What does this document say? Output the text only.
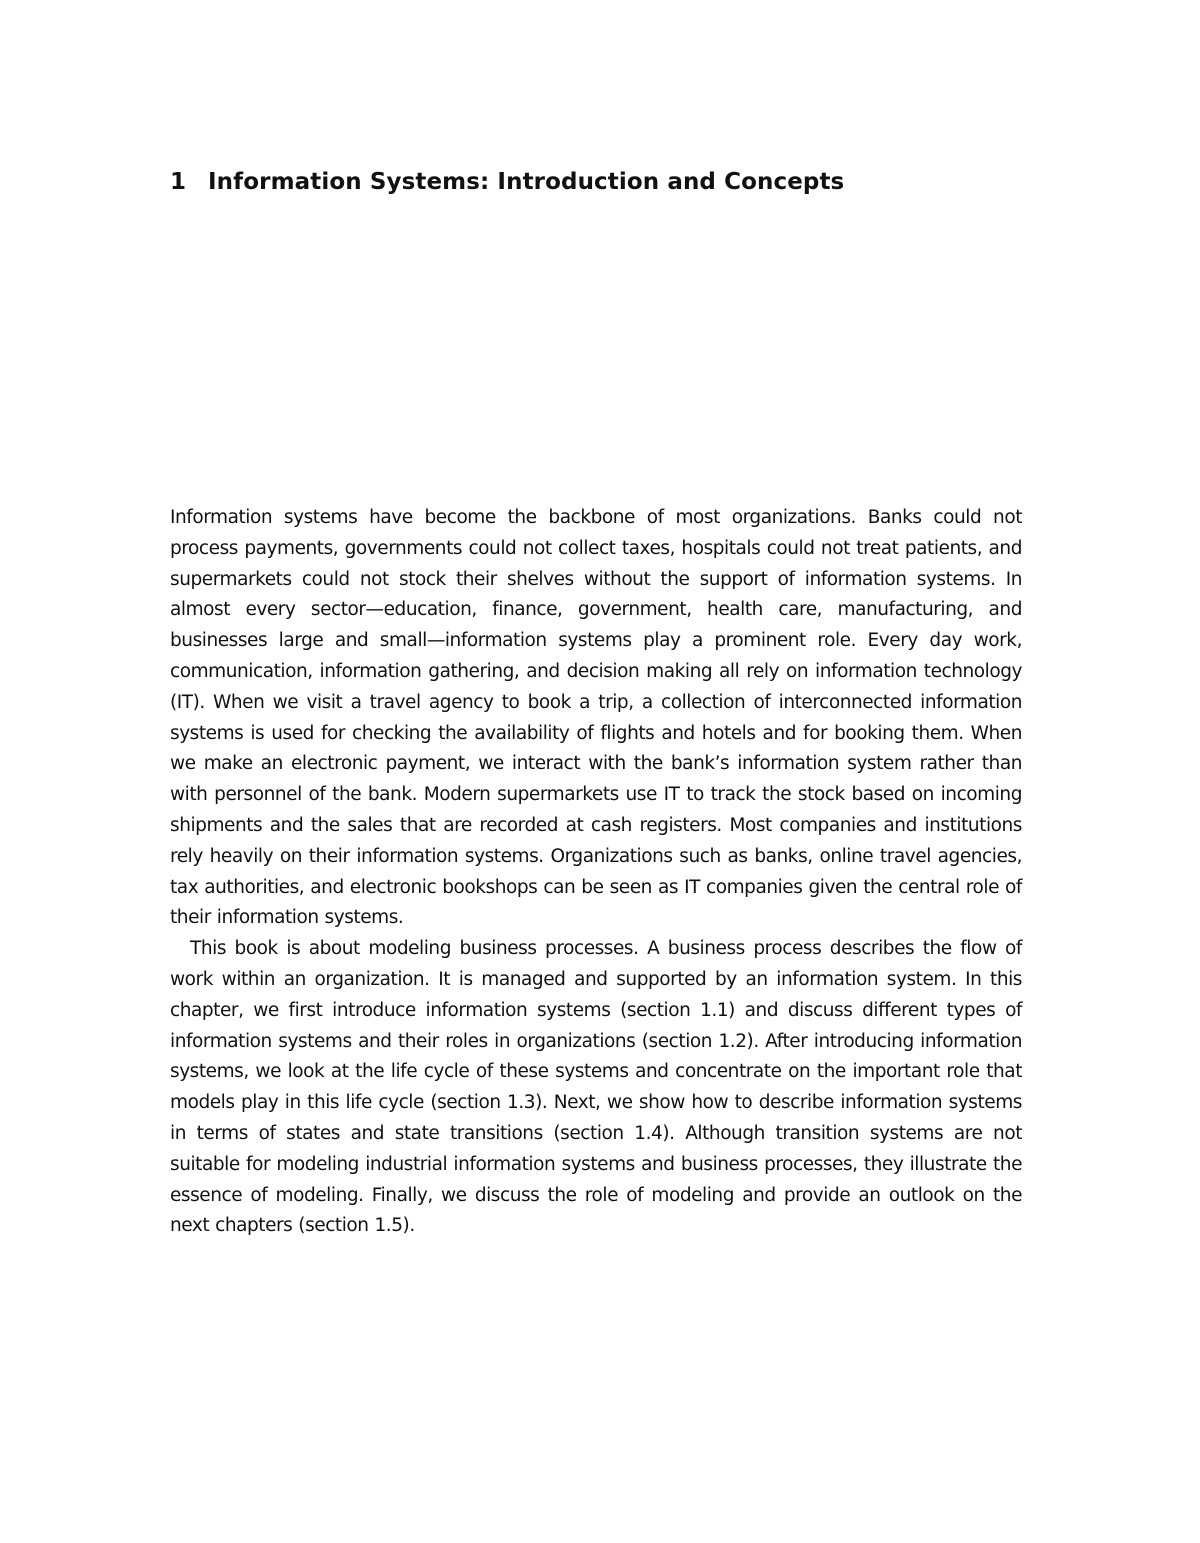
1 Information Systems: Introduction and Concepts

Information systems have become the backbone of most organizations. Banks could not process payments, governments could not collect taxes, hospitals could not treat patients, and supermarkets could not stock their shelves without the support of information systems. In almost every sector—education, finance, government, health care, manufacturing, and businesses large and small—information systems play a prominent role. Every day work, communication, information gathering, and decision making all rely on information technology (IT). When we visit a travel agency to book a trip, a collection of interconnected information systems is used for checking the availability of flights and hotels and for booking them. When we make an electronic payment, we interact with the bank’s information system rather than with personnel of the bank. Modern supermarkets use IT to track the stock based on incoming shipments and the sales that are recorded at cash registers. Most companies and institutions rely heavily on their information systems. Organizations such as banks, online travel agencies, tax authorities, and electronic bookshops can be seen as IT companies given the central role of their information systems.

This book is about modeling business processes. A business process describes the flow of work within an organization. It is managed and supported by an information system. In this chapter, we first introduce information systems (section 1.1) and discuss different types of information systems and their roles in organizations (section 1.2). After introducing information systems, we look at the life cycle of these systems and concentrate on the important role that models play in this life cycle (section 1.3). Next, we show how to describe information systems in terms of states and state transitions (section 1.4). Although transition systems are not suitable for modeling industrial information systems and business processes, they illustrate the essence of modeling. Finally, we discuss the role of modeling and provide an outlook on the next chapters (section 1.5).
